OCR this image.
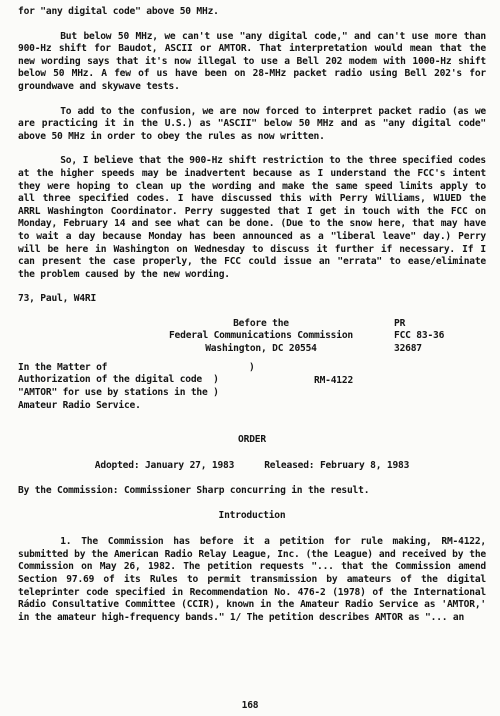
for "any digital code" above 50 MHz.

But below 50 MHz, we can't use "any digital code," and can't use more than 900-Hz shift for Baudot, ASCII or AMTOR. That interpretation would mean that the new wording says that it's now illegal to use a Bell 202 modem with 1000-Hz shift below 50 MHz. A few of us have been on 28-MHz packet radio using Bell 202's for groundwave and skywave tests.

To add to the confusion, we are now forced to interpret packet radio (as we are practicing it in the U.S.) as "ASCII" below 50 MHz and as "any digital code" above 50 MHz in order to obey the rules as now written.

So, I believe that the 900-Hz shift restriction to the three specified codes at the higher speeds may be inadvertent because as I understand the FCC's intent they were hoping to clean up the wording and make the same speed limits apply to all three specified codes. I have discussed this with Perry Williams, W1UED the ARRL Washington Coordinator. Perry suggested that I get in touch with the FCC on Monday, February 14 and see what can be done. (Due to the snow here, that may have to wait a day because Monday has been announced as a "liberal leave" day.) Perry will be here in Washington on Wednesday to discuss it further if necessary. If I can present the case properly, the FCC could issue an "errata" to ease/eliminate the problem caused by the new wording.

73, Paul, W4RI

Before the
Federal Communications Commission
Washington, DC 20554
PR
FCC 83-36
32687
In the Matter of	)
Authorization of the digital code  )
"AMTOR" for use by stations in the )
Amateur Radio Service.
RM-4122

ORDER

Adopted: January 27, 1983	Released: February 8, 1983

By the Commission: Commissioner Sharp concurring in the result.

Introduction

1. The Commission has before it a petition for rule making, RM-4122, submitted by the American Radio Relay League, Inc. (the League) and received by the Commission on May 26, 1982. The petition requests "... that the Commission amend Section 97.69 of its Rules to permit transmission by amateurs of the digital teleprinter code specified in Recommendation No. 476-2 (1978) of the International Rádio Consultative Committee (CCIR), known in the Amateur Radio Service as 'AMTOR,' in the amateur high-frequency bands." 1/ The petition describes AMTOR as "... an

168
